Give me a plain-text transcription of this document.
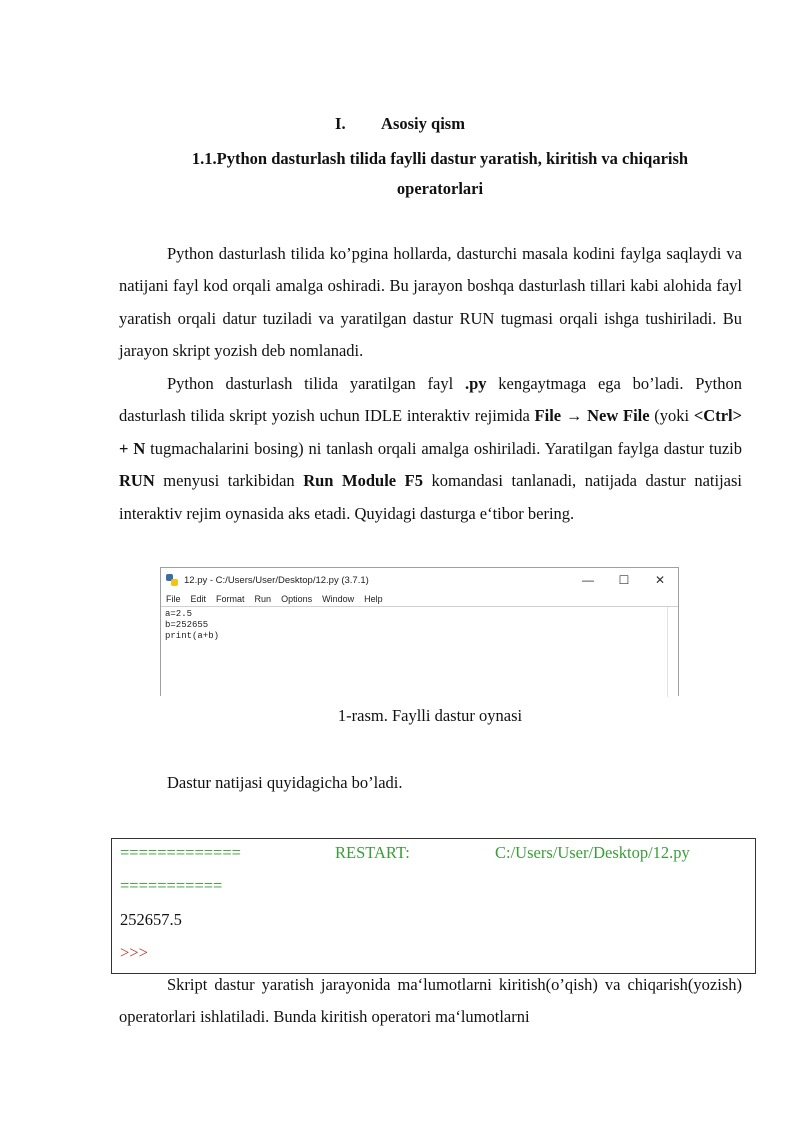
I. Asosiy qism
1.1.Python dasturlash tilida faylli dastur yaratish, kiritish va chiqarish operatorlari

Python dasturlash tilida ko’pgina hollarda, dasturchi masala kodini faylga saqlaydi va natijani fayl kod orqali amalga oshiradi. Bu jarayon boshqa dasturlash tillari kabi alohida fayl yaratish orqali datur tuziladi va yaratilgan dastur RUN tugmasi orqali ishga tushiriladi. Bu jarayon skript yozish deb nomlanadi.

Python dasturlash tilida yaratilgan fayl .py kengaytmaga ega bo’ladi. Python dasturlash tilida skript yozish uchun IDLE interaktiv rejimida File → New File (yoki <Ctrl> + N tugmachalarini bosing) ni tanlash orqali amalga oshiriladi. Yaratilgan faylga dastur tuzib RUN menyusi tarkibidan Run Module F5 komandasi tanlanadi, natijada dastur natijasi interaktiv rejim oynasida aks etadi. Quyidagi dasturga e‘tibor bering.

12.py - C:/Users/User/Desktop/12.py (3.7.1)	—	☐	✕
File Edit Format Run Options Window Help
a=2.5
b=252655
print(a+b)
1-rasm. Faylli dastur oynasi
Dastur natijasi quyidagicha bo’ladi.
=============	RESTART:	C:/Users/User/Desktop/12.py
===========
252657.5
>>>

Skript dastur yaratish jarayonida ma‘lumotlarni kiritish(o’qish) va chiqarish(yozish) operatorlari ishlatiladi. Bunda kiritish operatori ma‘lumotlarni
